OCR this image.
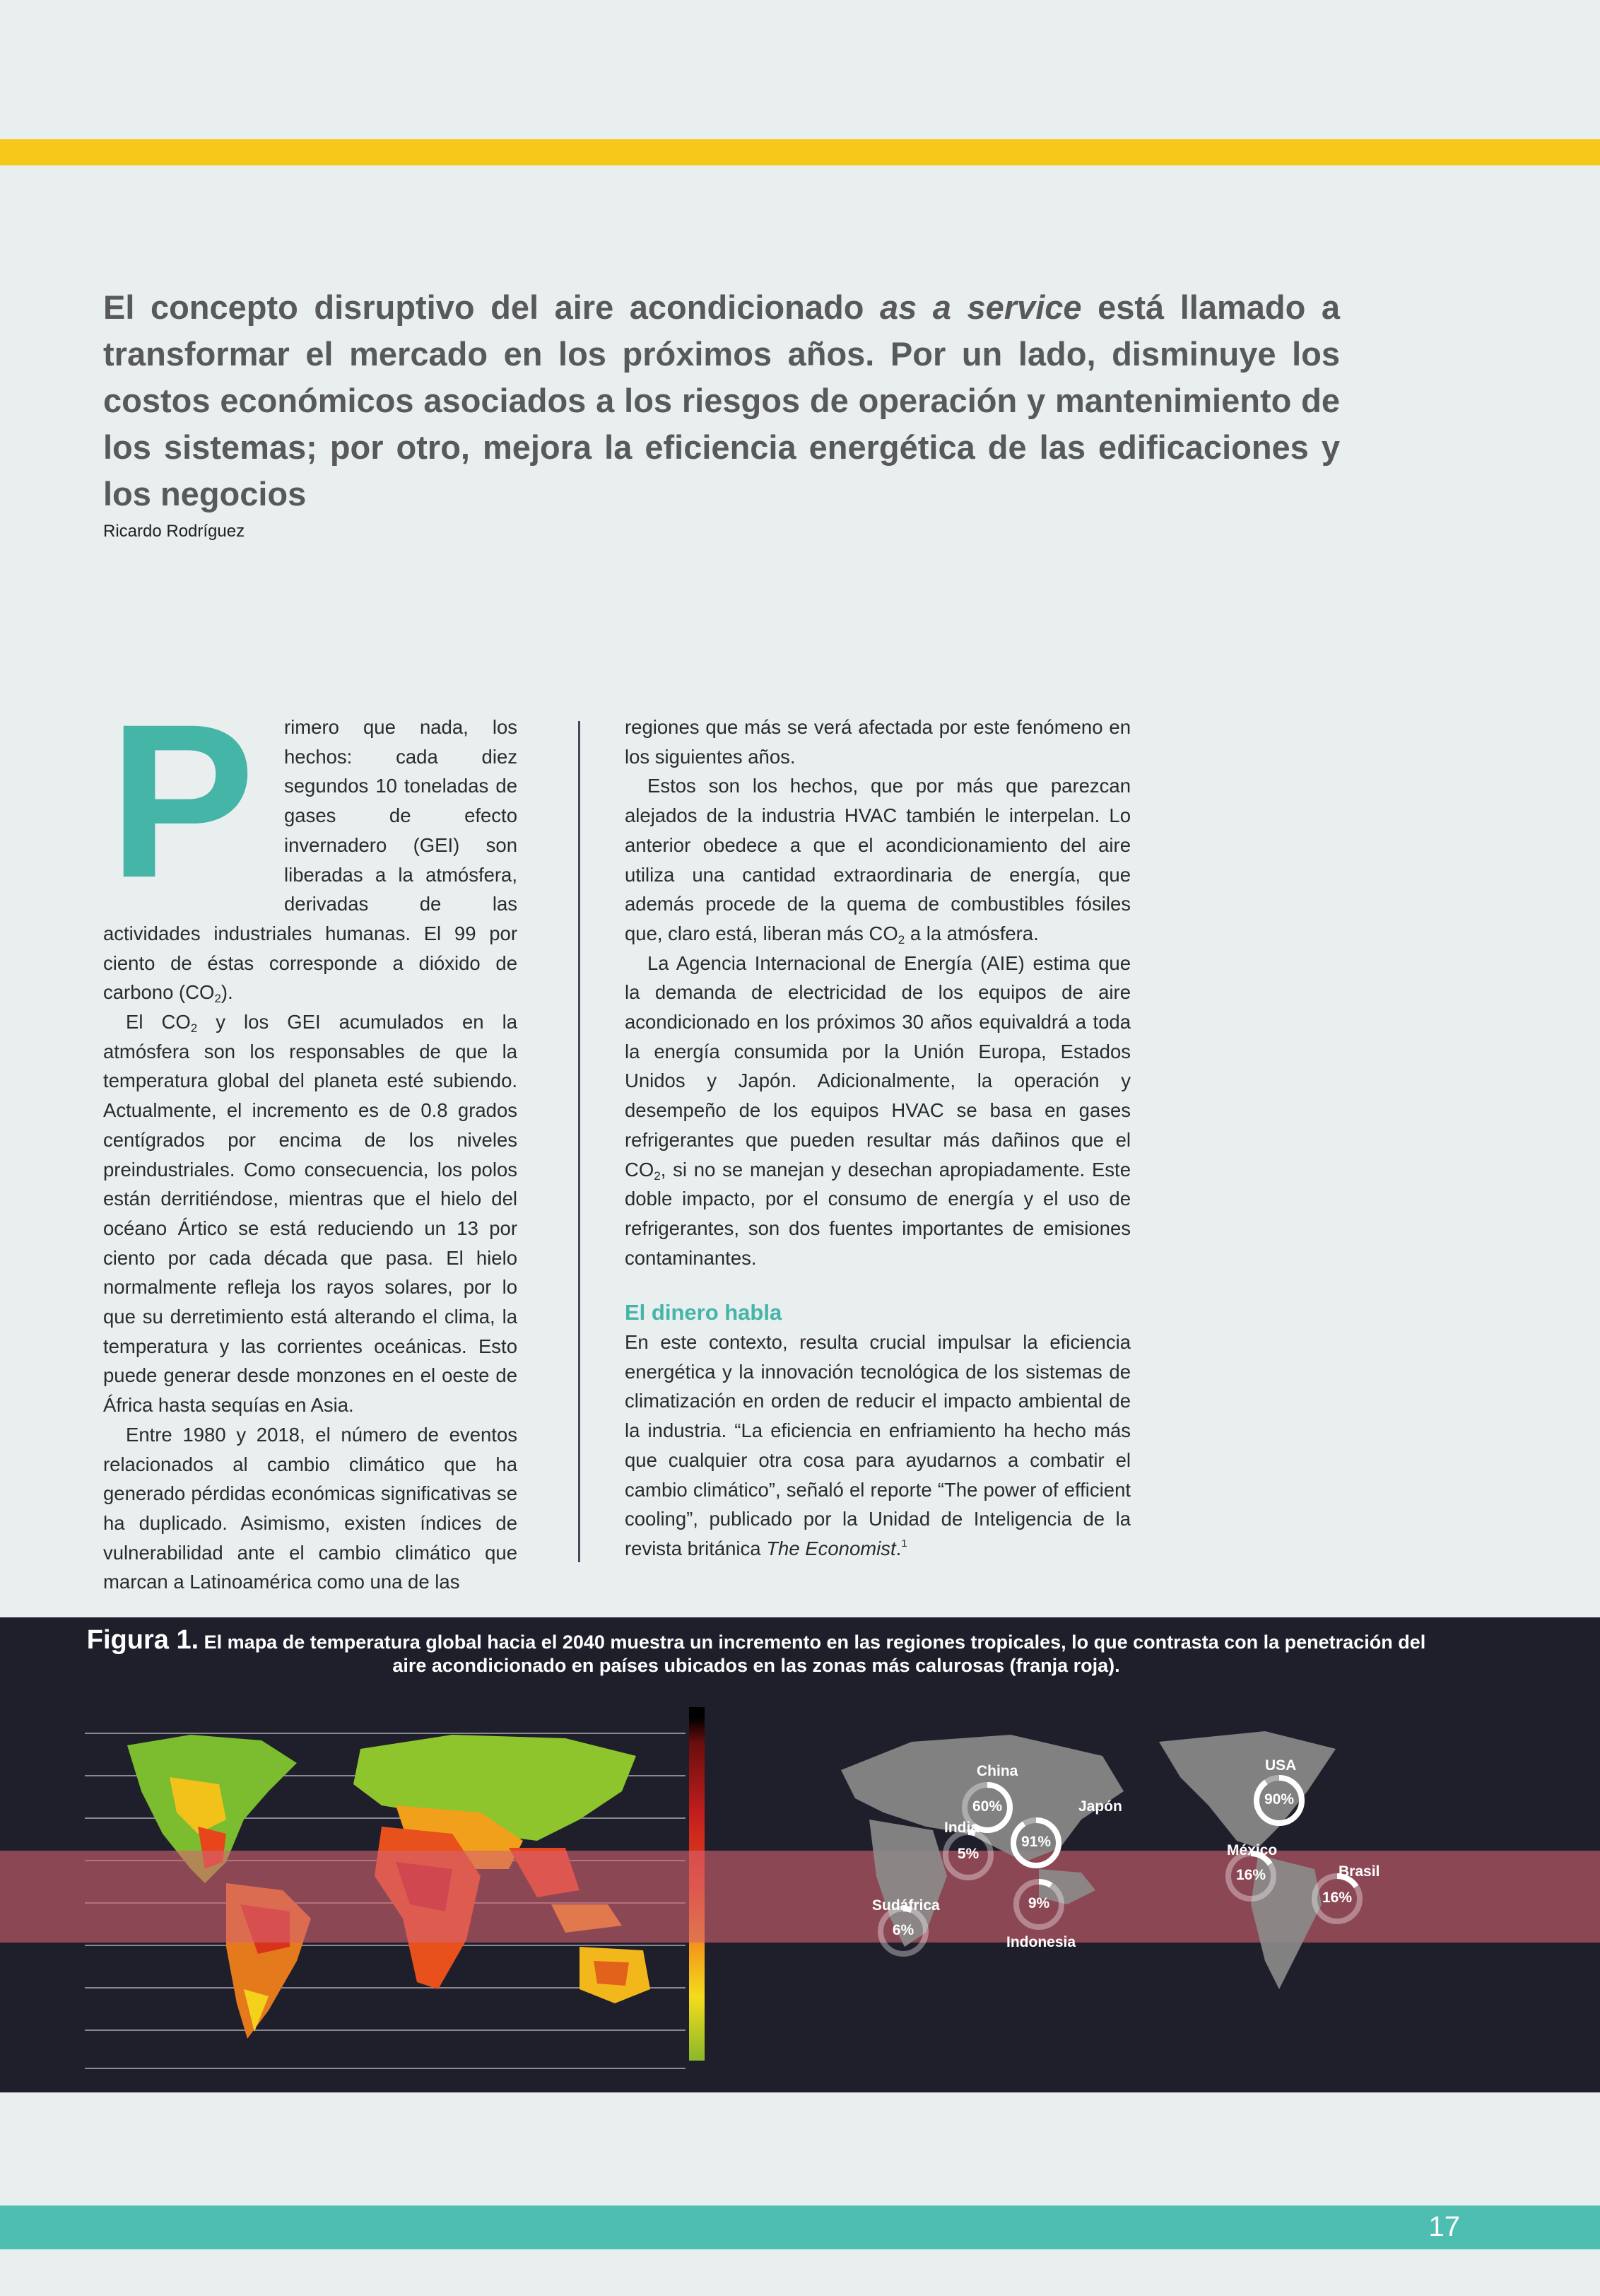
El concepto disruptivo del aire acondicionado as a service está llamado a transformar el mercado en los próximos años. Por un lado, disminuye los costos económicos asociados a los riesgos de operación y mantenimiento de los sistemas; por otro, mejora la eficiencia energética de las edificaciones y los negocios
Ricardo Rodríguez
P	rimero que nada, los hechos: cada diez segundos 10 toneladas de gases de efecto invernadero (GEI) son liberadas a la atmósfera, derivadas de las actividades industriales humanas. El 99 por ciento de éstas corresponde a dióxido de carbono $(CO_2)$.

El $CO_2$ y los GEI acumulados en la atmósfera son los responsables de que la temperatura global del planeta esté subiendo. Actualmente, el incremento es de 0.8 grados centígrados por encima de los niveles preindustriales. Como consecuencia, los polos están derritiéndose, mientras que el hielo del océano Ártico se está reduciendo un 13 por ciento por cada década que pasa. El hielo normalmente refleja los rayos solares, por lo que su derretimiento está alterando el clima, la temperatura y las corrientes oceánicas. Esto puede generar desde monzones en el oeste de África hasta sequías en Asia.

Entre 1980 y 2018, el número de eventos relacionados al cambio climático que ha generado pérdidas económicas significativas se ha duplicado. Asimismo, existen índices de vulnerabilidad ante el cambio climático que marcan a Latinoamérica como una de las

regiones que más se verá afectada por este fenómeno en los siguientes años.

Estos son los hechos, que por más que parezcan alejados de la industria HVAC también le interpelan. Lo anterior obedece a que el acondicionamiento del aire utiliza una cantidad extraordinaria de energía, que además procede de la quema de combustibles fósiles que, claro está, liberan más $CO_2$ a la atmósfera.

La Agencia Internacional de Energía (AIE) estima que la demanda de electricidad de los equipos de aire acondicionado en los próximos 30 años equivaldrá a toda la energía consumida por la Unión Europa, Estados Unidos y Japón. Adicionalmente, la operación y desempeño de los equipos HVAC se basa en gases refrigerantes que pueden resultar más dañinos que el $CO_2$, si no se manejan y desechan apropiadamente. Este doble impacto, por el consumo de energía y el uso de refrigerantes, son dos fuentes importantes de emisiones contaminantes.

El dinero habla

En este contexto, resulta crucial impulsar la eficiencia energética y la innovación tecnológica de los sistemas de climatización en orden de reducir el impacto ambiental de la industria. “La eficiencia en enfriamiento ha hecho más que cualquier otra cosa para ayudarnos a combatir el cambio climático”, señaló el reporte “The power of efficient cooling”, publicado por la Unidad de Inteligencia de la revista británica The Economist.$^1$

Figura 1. El mapa de temperatura global hacia el 2040 muestra un incremento en las regiones tropicales, lo que contrasta con la penetración del aire acondicionado en países ubicados en las zonas más calurosas (franja roja).
China
60%
India
5%
Japón
91%
Sudáfrica
6%
Indonesia
9%
USA
90%
México
16%	Brasil
16%
17
